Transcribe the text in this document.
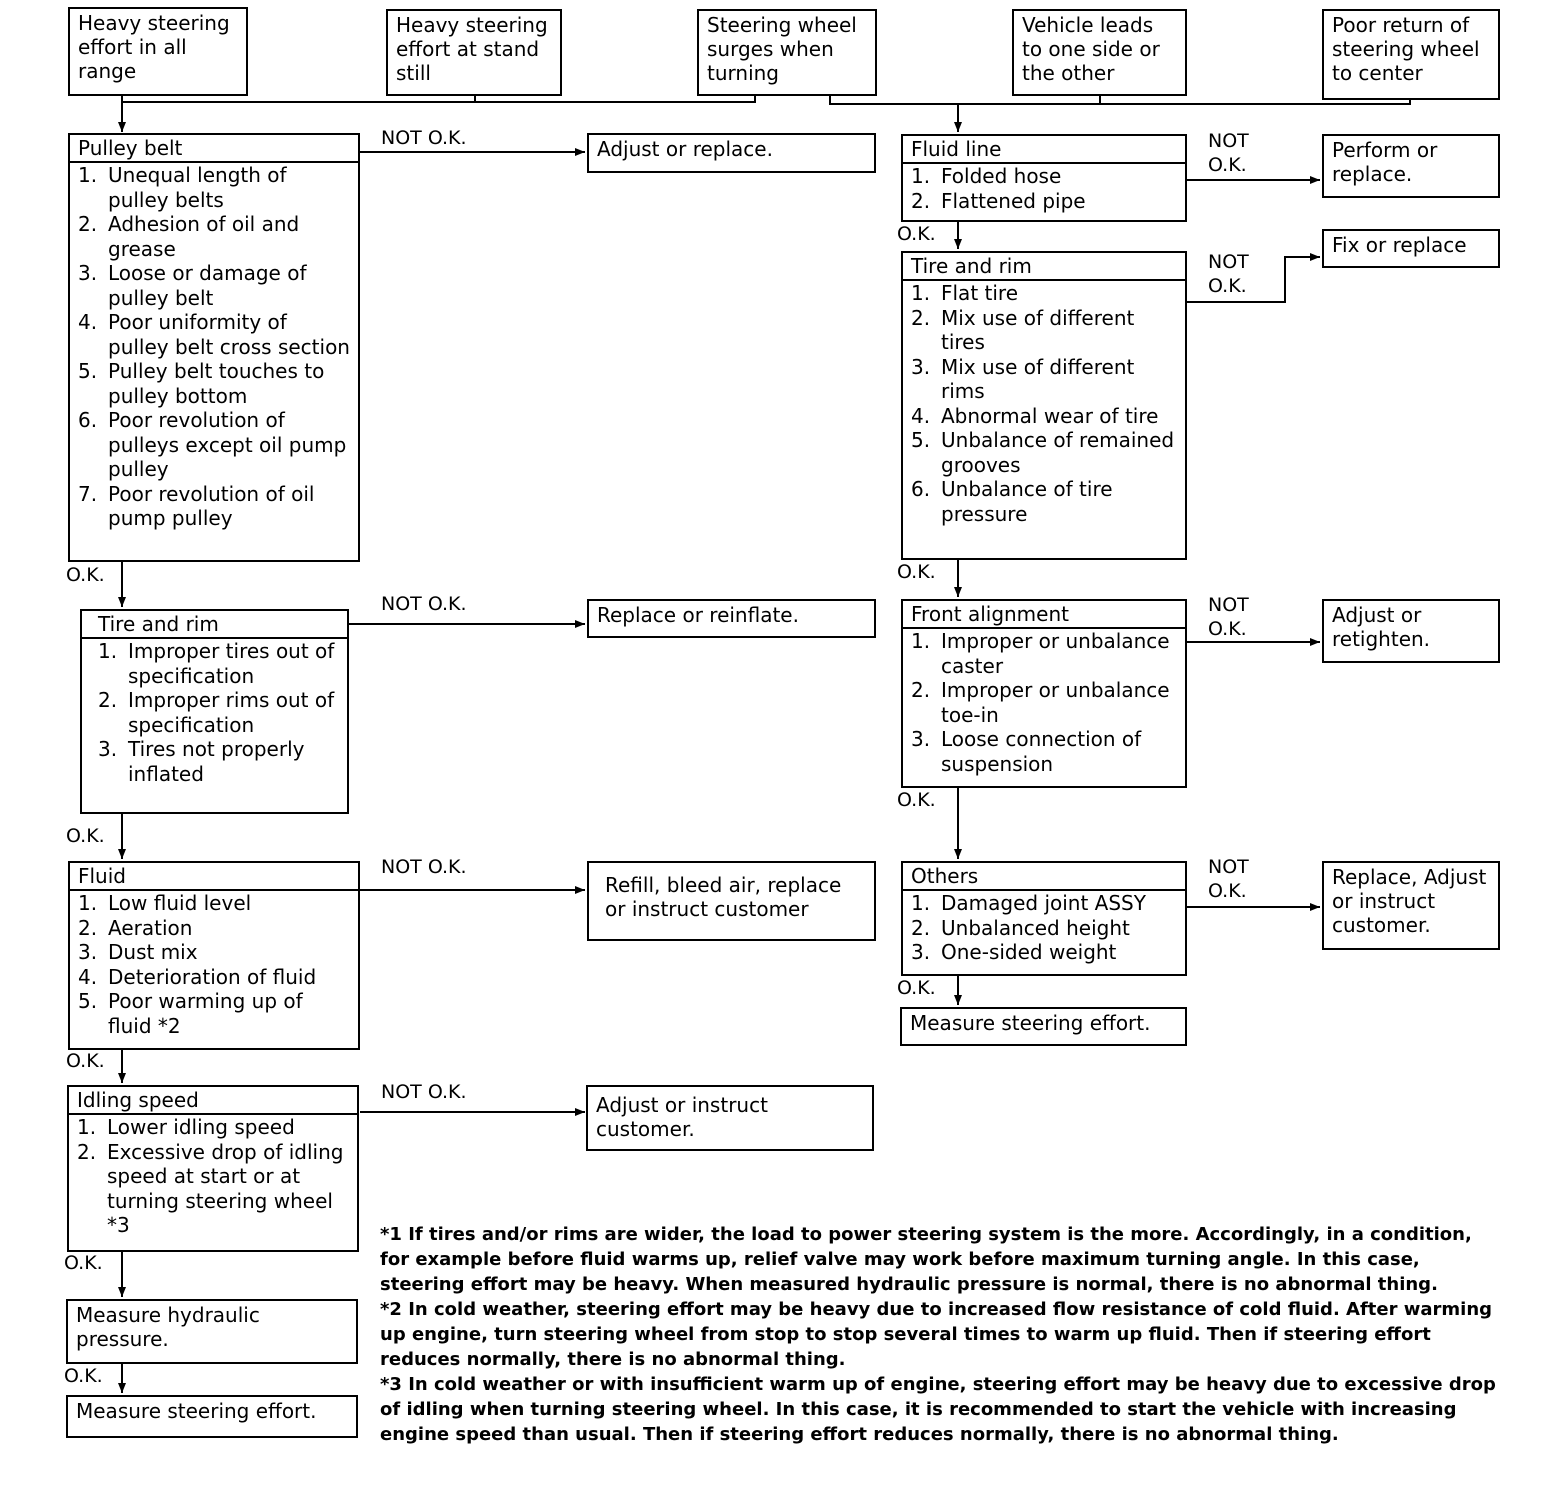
Heavy steering effort in all range
Heavy steering effort at stand still
Steering wheel surges when turning
Vehicle leads to one side or the other
Poor return of steering wheel to center
Pulley belt
1. Unequal length of pulley belts
2. Adhesion of oil and grease
3. Loose or damage of pulley belt
4. Poor uniformity of pulley belt cross section
5. Pulley belt touches to pulley bottom
6. Poor revolution of pulleys except oil pump pulley
7. Poor revolution of oil pump pulley
O.K.
NOT O.K.
Tire and rim
1. Improper tires out of specification
2. Improper rims out of specification
3. Tires not properly inflated
O.K.
NOT O.K.
Fluid
1. Low fluid level
2. Aeration
3. Dust mix
4. Deterioration of fluid
5. Poor warming up of fluid *2
O.K.
NOT O.K.
Idling speed
1. Lower idling speed
2. Excessive drop of idling speed at start or at turning steering wheel *3
O.K.
NOT O.K.
Measure hydraulic pressure.
O.K.
Measure steering effort.
Adjust or replace.
Replace or reinflate.
Refill, bleed air, replace or instruct customer
Adjust or instruct customer.
Fluid line
1. Folded hose
2. Flattened pipe
O.K.
NOT
O.K.
Tire and rim
1. Flat tire
2. Mix use of different tires
3. Mix use of different rims
4. Abnormal wear of tire
5. Unbalance of remained grooves
6. Unbalance of tire pressure
O.K.
NOT
O.K.
Front alignment
1. Improper or unbalance caster
2. Improper or unbalance toe-in
3. Loose connection of suspension
O.K.
NOT
O.K.
Others
1. Damaged joint ASSY
2. Unbalanced height
3. One-sided weight
O.K.
NOT
O.K.
Measure steering effort.
Perform or replace.
Fix or replace
Adjust or retighten.
Replace, Adjust or instruct customer.

*1 If tires and/or rims are wider, the load to power steering system is the more. Accordingly, in a condition, for example before fluid warms up, relief valve may work before maximum turning angle. In this case, steering effort may be heavy. When measured hydraulic pressure is normal, there is no abnormal thing.

*2 In cold weather, steering effort may be heavy due to increased flow resistance of cold fluid. After warming up engine, turn steering wheel from stop to stop several times to warm up fluid. Then if steering effort reduces normally, there is no abnormal thing.

*3 In cold weather or with insufficient warm up of engine, steering effort may be heavy due to excessive drop of idling when turning steering wheel. In this case, it is recommended to start the vehicle with increasing engine speed than usual. Then if steering effort reduces normally, there is no abnormal thing.
